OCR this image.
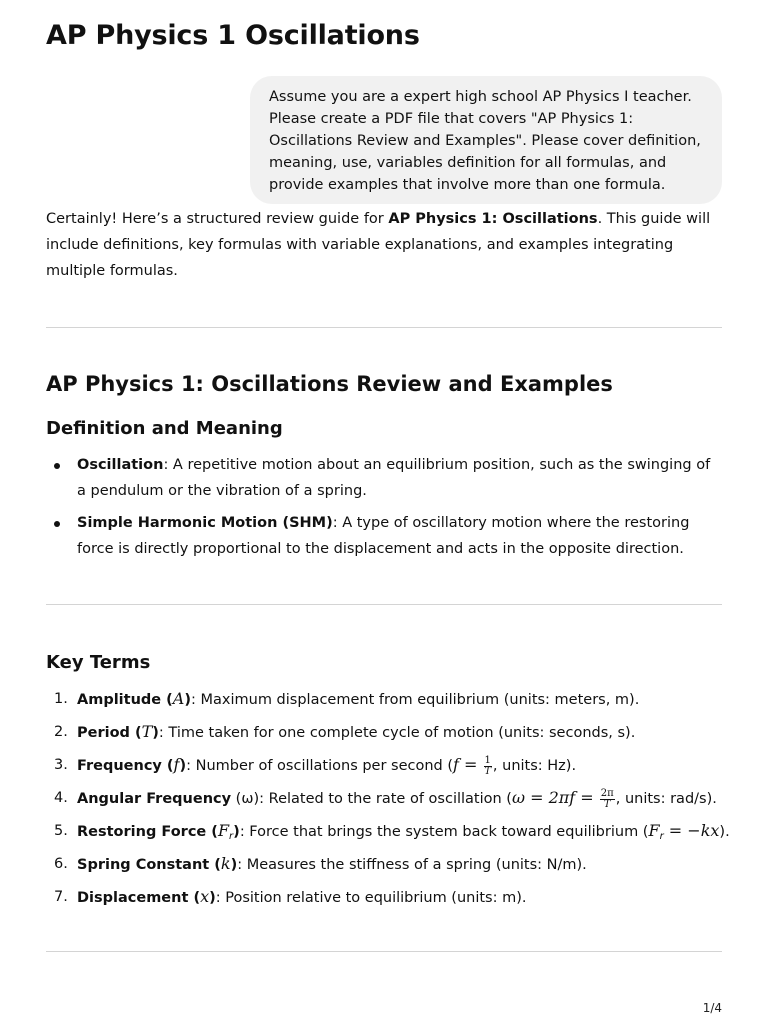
AP Physics 1 Oscillations
Assume you are a expert high school AP Physics I teacher. Please create a PDF file that covers "AP Physics 1: Oscillations Review and Examples". Please cover definition, meaning, use, variables definition for all formulas, and provide examples that involve more than one formula.

Certainly! Here’s a structured review guide for AP Physics 1: Oscillations. This guide will include definitions, key formulas with variable explanations, and examples integrating multiple formulas.

AP Physics 1: Oscillations Review and Examples
Definition and Meaning
Oscillation: A repetitive motion about an equilibrium position, such as the swinging of a pendulum or the vibration of a spring.
Simple Harmonic Motion (SHM): A type of oscillatory motion where the restoring force is directly proportional to the displacement and acts in the opposite direction.
Key Terms
1. Amplitude (A): Maximum displacement from equilibrium (units: meters, m).
2. Period (T): Time taken for one complete cycle of motion (units: seconds, s).
3. Frequency (f): Number of oscillations per second ($f = \frac{1}{T}$ , units: Hz).
4. Angular Frequency (ω): Related to the rate of oscillation ($\omega = 2\pi f = \frac{2\pi}{T}$ , units: rad/s).
5. Restoring Force $(F_r)$: Force that brings the system back toward equilibrium $(F_r = -kx)$.
6. Spring Constant (k): Measures the stiffness of a spring (units: N/m).
7. Displacement (x): Position relative to equilibrium (units: m).
1/4
